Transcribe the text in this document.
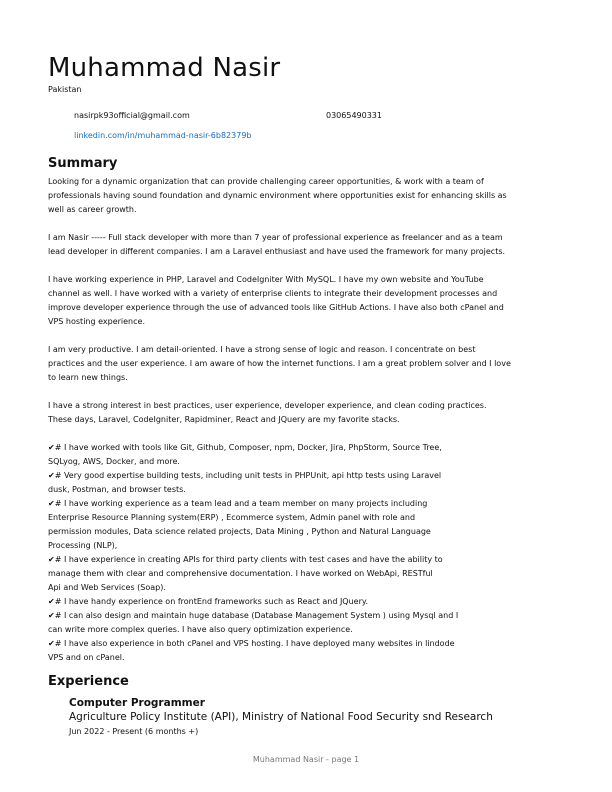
Muhammad Nasir
Pakistan
nasirpk93official@gmail.com	03065490331
linkedin.com/in/muhammad-nasir-6b82379b
Summary

Looking for a dynamic organization that can provide challenging career opportunities, & work with a team of
professionals having sound foundation and dynamic environment where opportunities exist for enhancing skills as
well as career growth.

I am Nasir ----- Full stack developer with more than 7 year of professional experience as freelancer and as a team
lead developer in different companies. I am a Laravel enthusiast and have used the framework for many projects.

I have working experience in PHP, Laravel and CodeIgniter With MySQL. I have my own website and YouTube
channel as well. I have worked with a variety of enterprise clients to integrate their development processes and
improve developer experience through the use of advanced tools like GitHub Actions. I have also both cPanel and
VPS hosting experience.

I am very productive. I am detail-oriented. I have a strong sense of logic and reason. I concentrate on best
practices and the user experience. I am aware of how the internet functions. I am a great problem solver and I love
to learn new things.

I have a strong interest in best practices, user experience, developer experience, and clean coding practices.
These days, Laravel, CodeIgniter, Rapidminer, React and JQuery are my favorite stacks.

✔# I have worked with tools like Git, Github, Composer, npm, Docker, Jira, PhpStorm, Source Tree,
SQLyog, AWS, Docker, and more.
✔# Very good expertise building tests, including unit tests in PHPUnit, api http tests using Laravel
dusk, Postman, and browser tests.
✔# I have working experience as a team lead and a team member on many projects including
Enterprise Resource Planning system(ERP) , Ecommerce system, Admin panel with role and
permission modules, Data science related projects, Data Mining , Python and Natural Language
Processing (NLP),
✔# I have experience in creating APIs for third party clients with test cases and have the ability to
manage them with clear and comprehensive documentation. I have worked on WebApi, RESTful
Api and Web Services (Soap).
✔# I have handy experience on frontEnd frameworks such as React and JQuery.
✔# I can also design and maintain huge database (Database Management System ) using Mysql and I
can write more complex queries. I have also query optimization experience.
✔# I have also experience in both cPanel and VPS hosting. I have deployed many websites in lindode
VPS and on cPanel.
Experience

Computer Programmer

Agriculture Policy Institute (API), Ministry of National Food Security snd Research

Jun 2022 - Present (6 months +)

Muhammad Nasir - page 1
